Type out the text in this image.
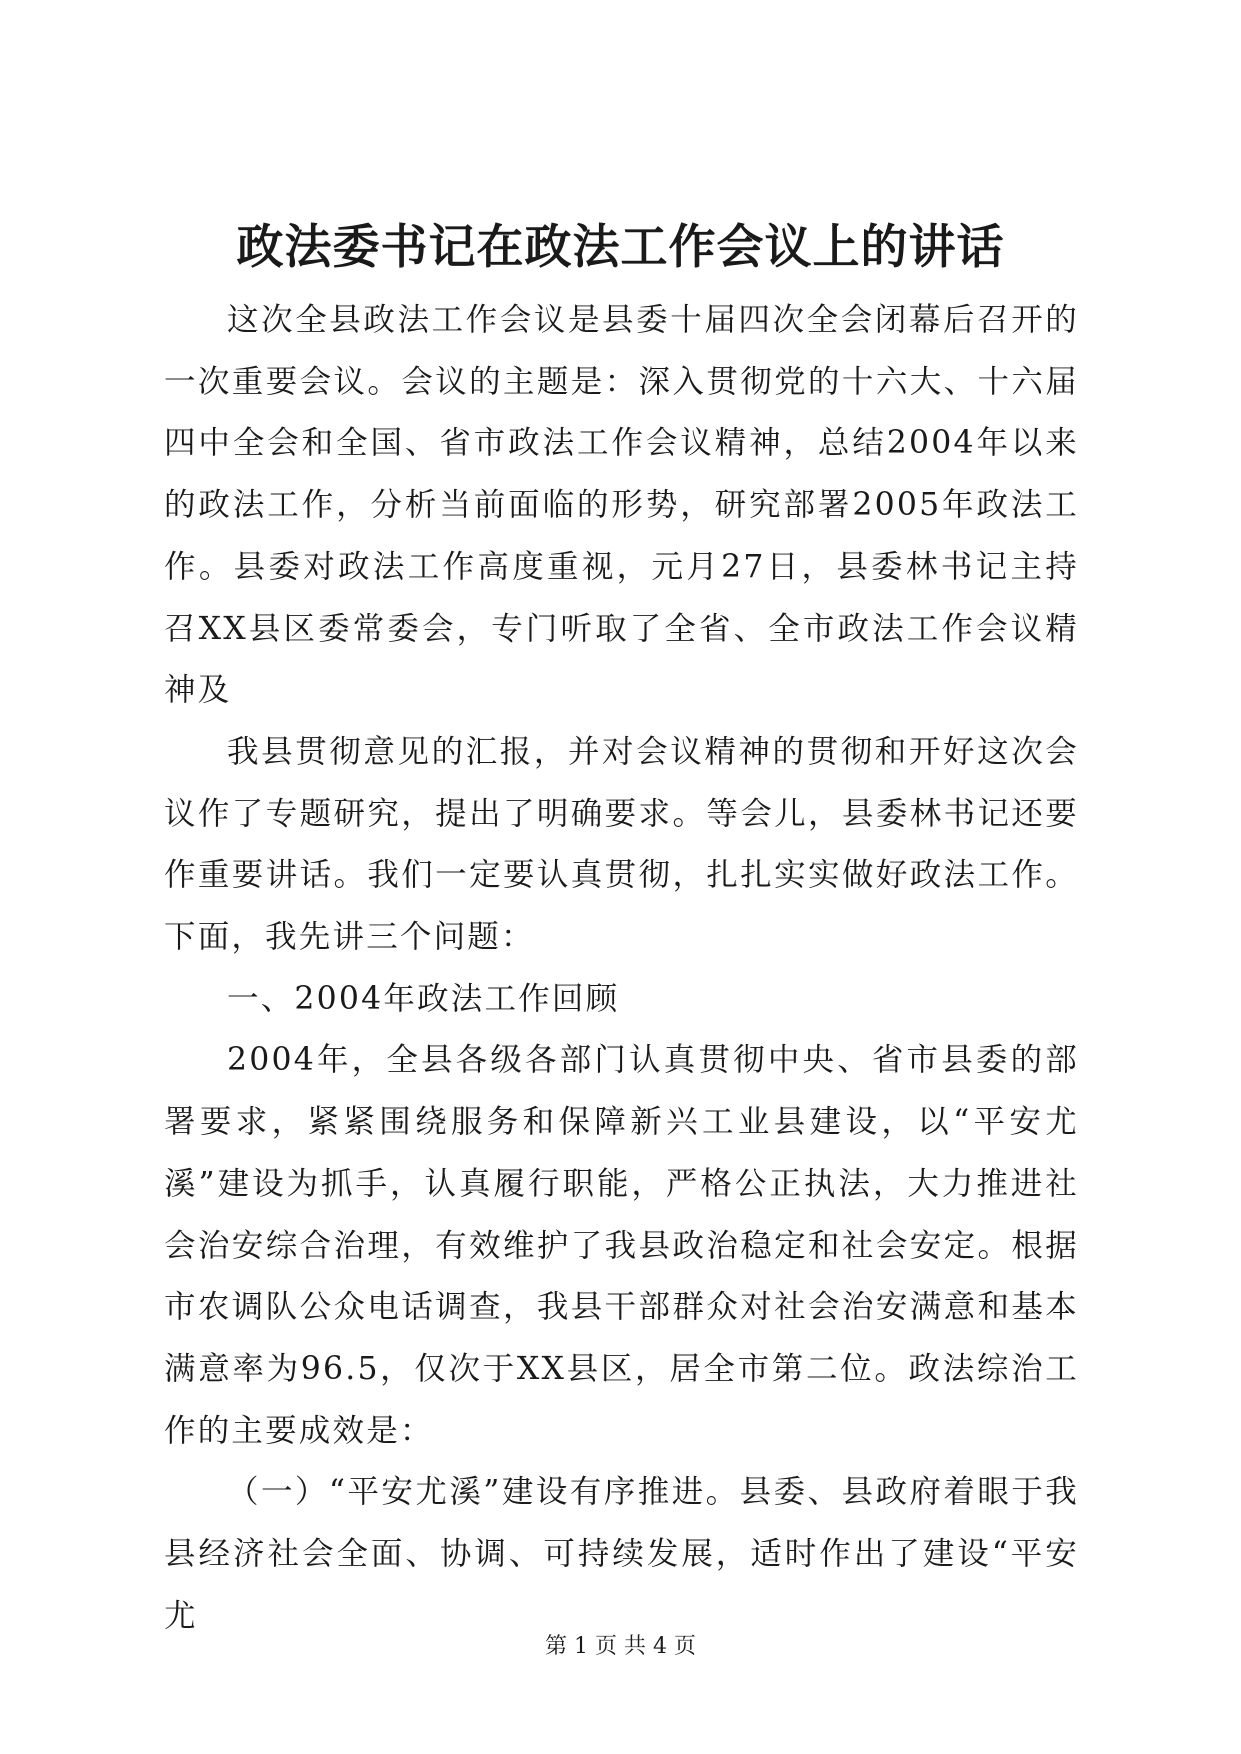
政法委书记在政法工作会议上的讲话

这次全县政法工作会议是县委十届四次全会闭幕后召开的一次重要会议。会议的主题是：深入贯彻党的十六大、十六届四中全会和全国、省市政法工作会议精神，总结2004年以来的政法工作，分析当前面临的形势，研究部署2005年政法工作。县委对政法工作高度重视，元月27日，县委林书记主持召XX县区委常委会，专门听取了全省、全市政法工作会议精神及

我县贯彻意见的汇报，并对会议精神的贯彻和开好这次会议作了专题研究，提出了明确要求。等会儿，县委林书记还要作重要讲话。我们一定要认真贯彻，扎扎实实做好政法工作。下面，我先讲三个问题：

一、2004年政法工作回顾

2004年，全县各级各部门认真贯彻中央、省市县委的部署要求，紧紧围绕服务和保障新兴工业县建设，以“平安尤溪”建设为抓手，认真履行职能，严格公正执法，大力推进社会治安综合治理，有效维护了我县政治稳定和社会安定。根据市农调队公众电话调查，我县干部群众对社会治安满意和基本满意率为96.5，仅次于XX县区，居全市第二位。政法综治工作的主要成效是：

（一）“平安尤溪”建设有序推进。县委、县政府着眼于我县经济社会全面、协调、可持续发展，适时作出了建设“平安尤

第 1 页 共 4 页
